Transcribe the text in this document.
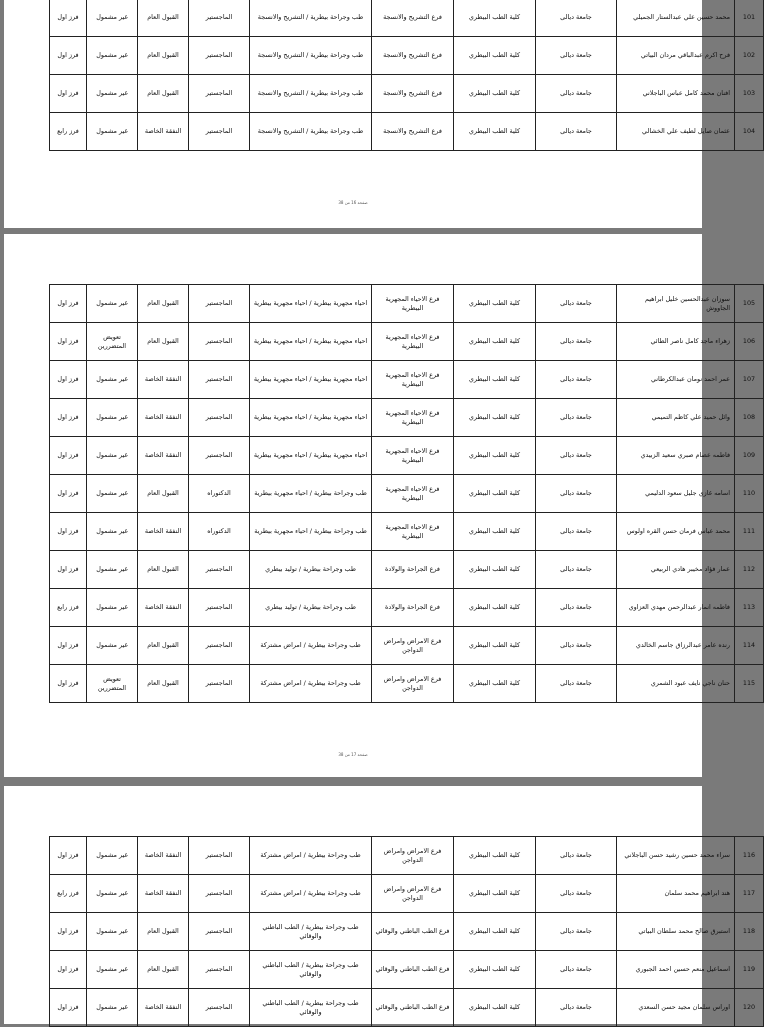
101	محمد حسين علي عبدالستار الجميلي	جامعة ديالى	كلية الطب البيطري	فرع التشريح والانسجة	طب وجراحة بيطرية / التشريح والانسجة	الماجستير	القبول العام	غير مشمول	فرز اول
102	فرح اكرم عبدالباقي مردان البياتي	جامعة ديالى	كلية الطب البيطري	فرع التشريح والانسجة	طب وجراحة بيطرية / التشريح والانسجة	الماجستير	القبول العام	غير مشمول	فرز اول
103	افنان محمد كامل عباس الباجلاني	جامعة ديالى	كلية الطب البيطري	فرع التشريح والانسجة	طب وجراحة بيطرية / التشريح والانسجة	الماجستير	القبول العام	غير مشمول	فرز اول
104	عثمان صايل لطيف علي الخشالي	جامعة ديالى	كلية الطب البيطري	فرع التشريح والانسجة	طب وجراحة بيطرية / التشريح والانسجة	الماجستير	النفقة الخاصة	غير مشمول	فرز رابع
صفحة 16 من 38
105	سوزان عبدالحسين خليل ابراهيم الجاووش	جامعة ديالى	كلية الطب البيطري	فرع الاحياء المجهرية البيطرية	احياء مجهرية بيطرية / احياء مجهرية بيطرية	الماجستير	القبول العام	غير مشمول	فرز اول
106	زهراء ماجد كامل ناصر الطائي	جامعة ديالى	كلية الطب البيطري	فرع الاحياء المجهرية البيطرية	احياء مجهرية بيطرية / احياء مجهرية بيطرية	الماجستير	القبول العام	تعويض المتضررين	فرز اول
107	عمر احمد نومان عبدالكرطاني	جامعة ديالى	كلية الطب البيطري	فرع الاحياء المجهرية البيطرية	احياء مجهرية بيطرية / احياء مجهرية بيطرية	الماجستير	النفقة الخاصة	غير مشمول	فرز اول
108	وائل حميد علي كاظم التميمي	جامعة ديالى	كلية الطب البيطري	فرع الاحياء المجهرية البيطرية	احياء مجهرية بيطرية / احياء مجهرية بيطرية	الماجستير	النفقة الخاصة	غير مشمول	فرز اول
109	فاطمه عصام صبري سعيد الزبيدي	جامعة ديالى	كلية الطب البيطري	فرع الاحياء المجهرية البيطرية	احياء مجهرية بيطرية / احياء مجهرية بيطرية	الماجستير	النفقة الخاصة	غير مشمول	فرز اول
110	اسامه غازي جليل سعود الدليمي	جامعة ديالى	كلية الطب البيطري	فرع الاحياء المجهرية البيطرية	طب وجراحة بيطرية / احياء مجهرية بيطرية	الدكتوراه	القبول العام	غير مشمول	فرز اول
111	محمد عباس فرمان حسن القره اولوس	جامعة ديالى	كلية الطب البيطري	فرع الاحياء المجهرية البيطرية	طب وجراحة بيطرية / احياء مجهرية بيطرية	الدكتوراه	النفقة الخاصة	غير مشمول	فرز اول
112	عمار فؤاد مخيبر هادي الربيعي	جامعة ديالى	كلية الطب البيطري	فرع الجراحة والولادة	طب وجراحة بيطرية / توليد بيطري	الماجستير	القبول العام	غير مشمول	فرز اول
113	فاطمه انمار عبدالرحمن مهدي العزاوي	جامعة ديالى	كلية الطب البيطري	فرع الجراحة والولادة	طب وجراحة بيطرية / توليد بيطري	الماجستير	النفقة الخاصة	غير مشمول	فرز رابع
114	رنده عامر عبدالرزاق جاسم الخالدي	جامعة ديالى	كلية الطب البيطري	فرع الامراض وامراض الدواجن	طب وجراحة بيطرية / امراض مشتركة	الماجستير	القبول العام	غير مشمول	فرز اول
115	حنان ناجي نايف عبود الشمري	جامعة ديالى	كلية الطب البيطري	فرع الامراض وامراض الدواجن	طب وجراحة بيطرية / امراض مشتركة	الماجستير	القبول العام	تعويض المتضررين	فرز اول
صفحة 17 من 38
116	سراء محمد حسين رشيد حسن الباجلاني	جامعة ديالى	كلية الطب البيطري	فرع الامراض وامراض الدواجن	طب وجراحة بيطرية / امراض مشتركة	الماجستير	النفقة الخاصة	غير مشمول	فرز اول
117	هند ابراهيم محمد سلمان	جامعة ديالى	كلية الطب البيطري	فرع الامراض وامراض الدواجن	طب وجراحة بيطرية / امراض مشتركة	الماجستير	النفقة الخاصة	غير مشمول	فرز رابع
118	استبرق صالح محمد سلطان البياتي	جامعة ديالى	كلية الطب البيطري	فرع الطب الباطني والوقائي	طب وجراحة بيطرية / الطب الباطني والوقائي	الماجستير	القبول العام	غير مشمول	فرز اول
119	اسماعيل منعم حسين احمد الجبوري	جامعة ديالى	كلية الطب البيطري	فرع الطب الباطني والوقائي	طب وجراحة بيطرية / الطب الباطني والوقائي	الماجستير	القبول العام	غير مشمول	فرز اول
120	اوراس سلمان مجيد حسن السعدي	جامعة ديالى	كلية الطب البيطري	فرع الطب الباطني والوقائي	طب وجراحة بيطرية / الطب الباطني والوقائي	الماجستير	النفقة الخاصة	غير مشمول	فرز اول
